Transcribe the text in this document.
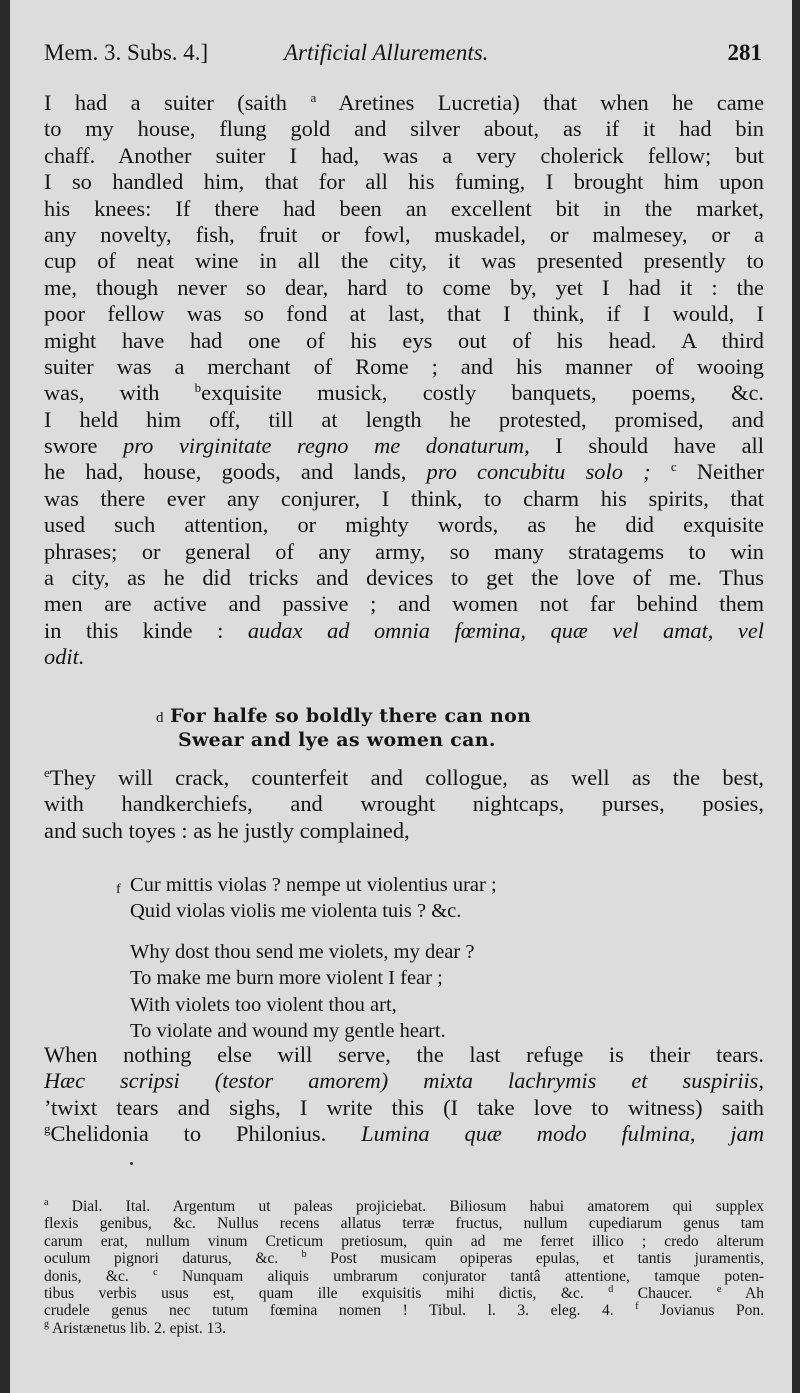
Mem. 3. Subs. 4.]	Artificial Allurements.	281
I had a suiter (saith $^a$ Aretines Lucretia) that when he came
to my house, flung gold and silver about, as if it had bin
chaff. Another suiter I had, was a very cholerick fellow; but
I so handled him, that for all his fuming, I brought him upon
his knees: If there had been an excellent bit in the market,
any novelty, fish, fruit or fowl, muskadel, or malmesey, or a
cup of neat wine in all the city, it was presented presently to
me, though never so dear, hard to come by, yet I had it : the
poor fellow was so fond at last, that I think, if I would, I
might have had one of his eys out of his head. A third
suiter was a merchant of Rome ; and his manner of wooing
was, with $^b$exquisite musick, costly banquets, poems, &c.
I held him off, till at length he protested, promised, and
swore pro virginitate regno me donaturum, I should have all
he had, house, goods, and lands, pro concubitu solo ; $^c$ Neither
was there ever any conjurer, I think, to charm his spirits, that
used such attention, or mighty words, as he did exquisite
phrases; or general of any army, so many stratagems to win
a city, as he did tricks and devices to get the love of me. Thus
men are active and passive ; and women not far behind them
in this kinde : audax ad omnia fœmina, quæ vel amat, vel
odit.
d For halfe so boldly there can non
Swear and lye as women can.
$^e$They will crack, counterfeit and collogue, as well as the best,
with handkerchiefs, and wrought nightcaps, purses, posies,
and such toyes : as he justly complained,
f Cur mittis violas ? nempe ut violentius urar ;
Quid violas violis me violenta tuis ? &c.
Why dost thou send me violets, my dear ?
To make me burn more violent I fear ;
With violets too violent thou art,
To violate and wound my gentle heart.
When nothing else will serve, the last refuge is their tears.
Hæc scripsi (testor amorem) mixta lachrymis et suspiriis,
’twixt tears and sighs, I write this (I take love to witness) saith
$^g$Chelidonia to Philonius. Lumina quæ modo fulmina, jam
$^a$ Dial. Ital. Argentum ut paleas projiciebat. Biliosum habui amatorem qui supplex
flexis genibus, &c. Nullus recens allatus terræ fructus, nullum cupediarum genus tam
carum erat, nullum vinum Creticum pretiosum, quin ad me ferret illico ; credo alterum
oculum pignori daturus, &c. $^b$ Post musicam opiperas epulas, et tantis juramentis,
donis, &c. $^c$ Nunquam aliquis umbrarum conjurator tantâ attentione, tamque poten-
tibus verbis usus est, quam ille exquisitis mihi dictis, &c. $^d$ Chaucer. $^e$ Ah
crudele genus nec tutum fœmina nomen ! Tibul. l. 3. eleg. 4. $^f$ Jovianus Pon.
$^g$ Aristænetus lib. 2. epist. 13.
